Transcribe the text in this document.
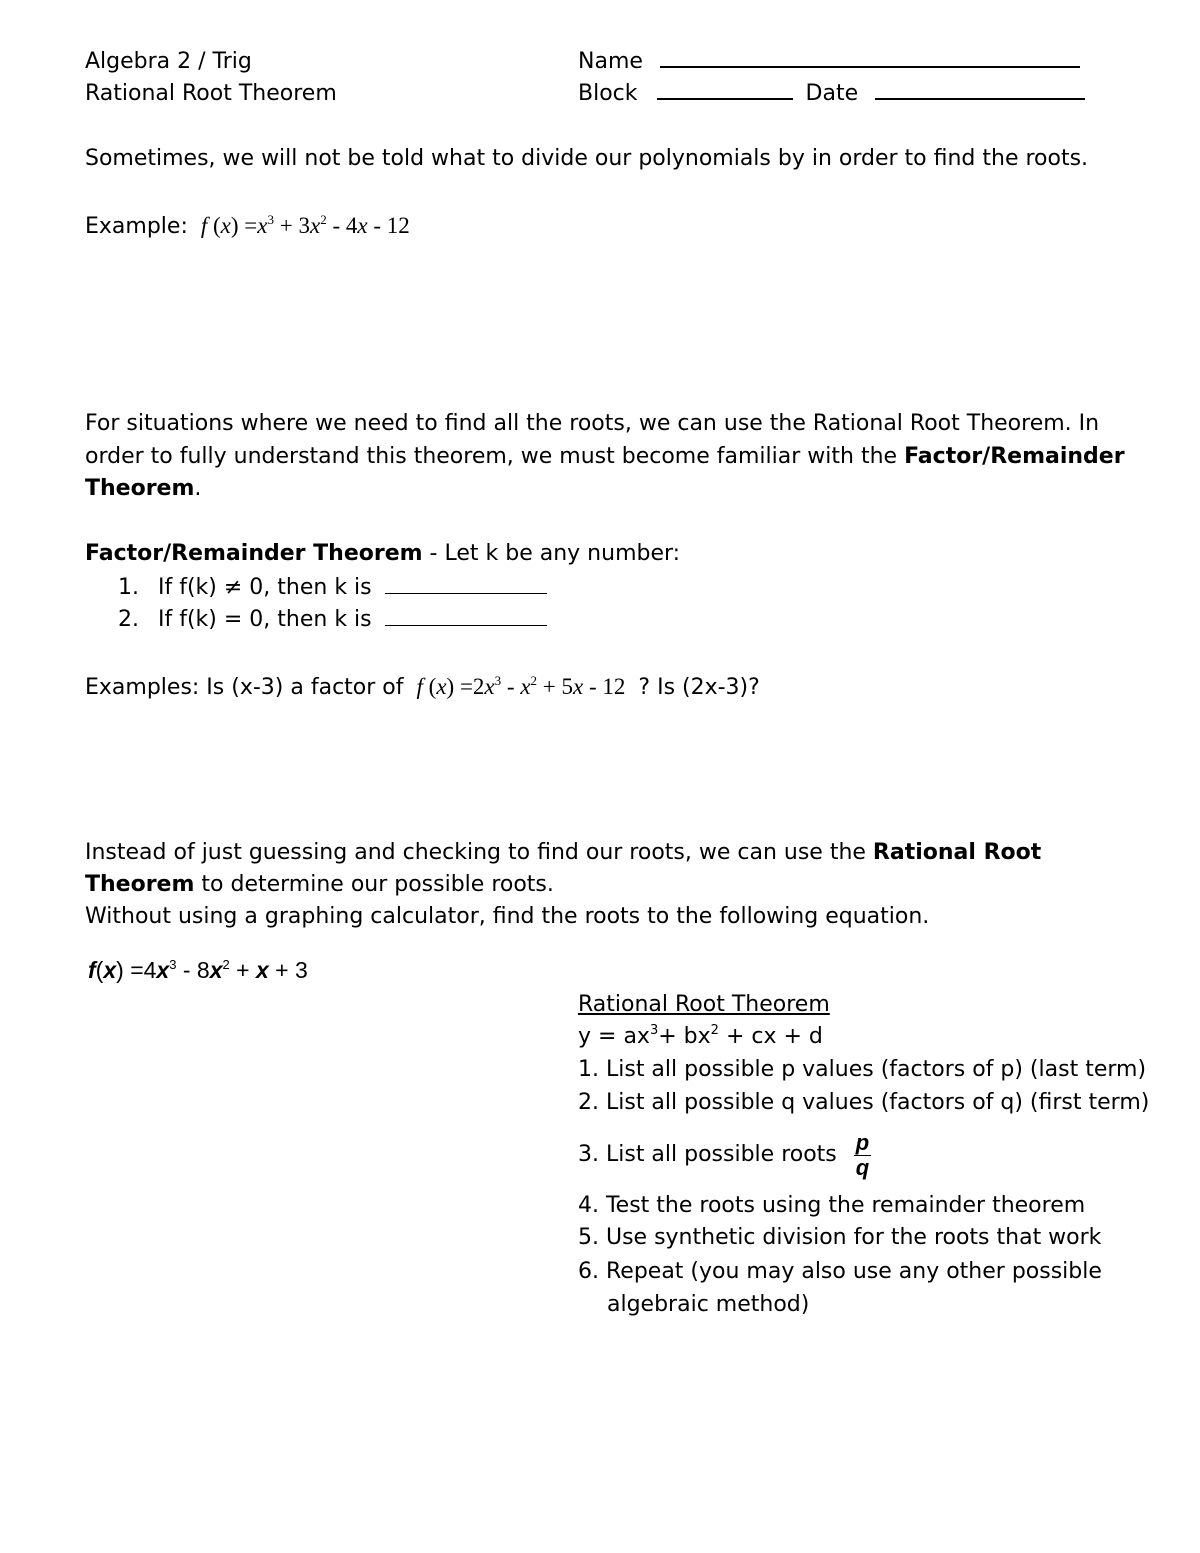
Algebra 2 / Trig
Rational Root Theorem
Name
Block	Date
Sometimes, we will not be told what to divide our polynomials by in order to find the roots.
Example: f $(x) =x^3 + 3x^2 - 4x - 12$
For situations where we need to find all the roots, we can use the Rational Root Theorem. In
order to fully understand this theorem, we must become familiar with the Factor/Remainder
Theorem.
Factor/Remainder Theorem - Let k be any number:
1. If f(k) ≠ 0, then k is
2. If f(k) = 0, then k is
Examples: Is (x-3) a factor of f $(x) =2x^3 - x^2 + 5x - 12$ ? Is (2x-3)?
Instead of just guessing and checking to find our roots, we can use the Rational Root
Theorem to determine our possible roots.
Without using a graphing calculator, find the roots to the following equation.
$f(x) =4x^3 - 8x^2 + x + 3$
Rational Root Theorem
$y = ax^3+ bx^2$ + cx + d
1. List all possible p values (factors of p) (last term)
2. List all possible q values (factors of q) (first term)
3. List all possible roots $\frac{p}{q}$
4. Test the roots using the remainder theorem
5. Use synthetic division for the roots that work
6. Repeat (you may also use any other possible
algebraic method)
